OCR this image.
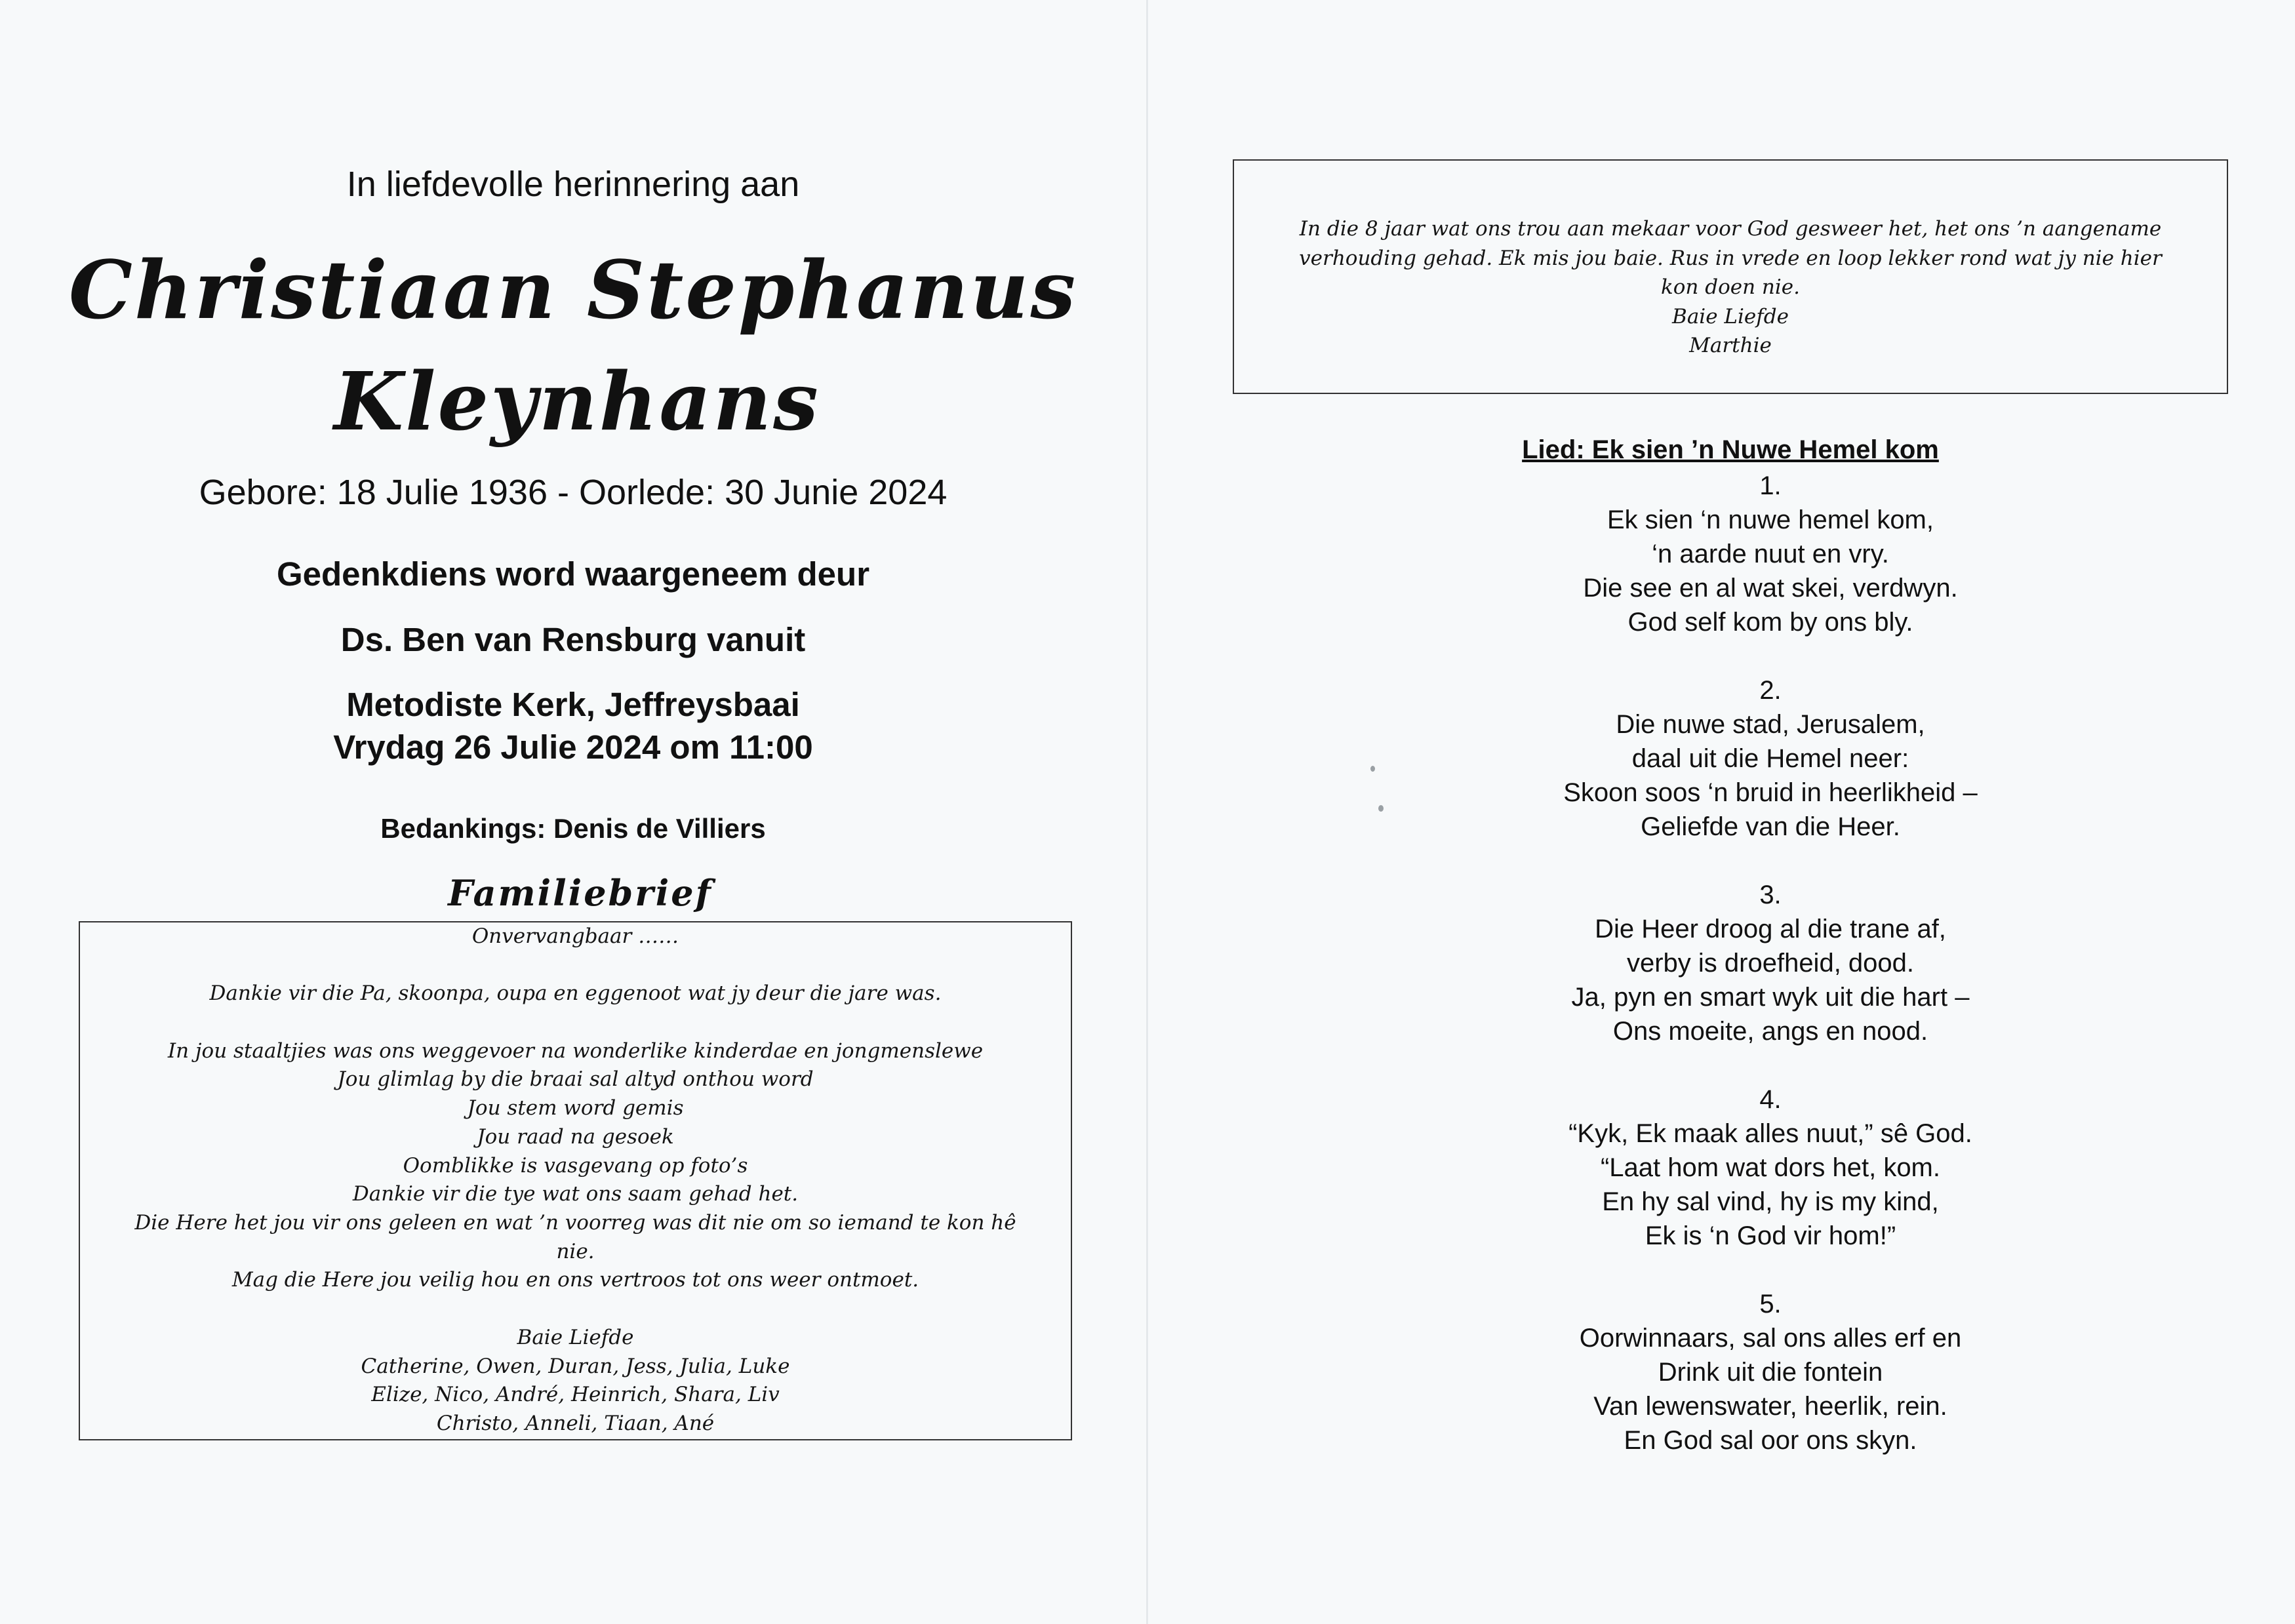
In liefdevolle herinnering aan
Christiaan Stephanus
Kleynhans
Gebore: 18 Julie 1936 - Oorlede: 30 Junie 2024
Gedenkdiens word waargeneem deur
Ds. Ben van Rensburg vanuit
Metodiste Kerk, Jeffreysbaai
Vrydag 26 Julie 2024 om 11:00
Bedankings: Denis de Villiers
Familiebrief
Onvervangbaar ……
Dankie vir die Pa, skoonpa, oupa en eggenoot wat jy deur die jare was.
In jou staaltjies was ons weggevoer na wonderlike kinderdae en jongmenslewe
Jou glimlag by die braai sal altyd onthou word
Jou stem word gemis
Jou raad na gesoek
Oomblikke is vasgevang op foto’s
Dankie vir die tye wat ons saam gehad het.
Die Here het jou vir ons geleen en wat ’n voorreg was dit nie om so iemand te kon hê
nie.
Mag die Here jou veilig hou en ons vertroos tot ons weer ontmoet.
Baie Liefde
Catherine, Owen, Duran, Jess, Julia, Luke
Elize, Nico, André, Heinrich, Shara, Liv
Christo, Anneli, Tiaan, Ané
In die 8 jaar wat ons trou aan mekaar voor God gesweer het, het ons ’n aangename
verhouding gehad. Ek mis jou baie. Rus in vrede en loop lekker rond wat jy nie hier
kon doen nie.
Baie Liefde
Marthie
Lied: Ek sien ’n Nuwe Hemel kom
1.
Ek sien ‘n nuwe hemel kom,
‘n aarde nuut en vry.
Die see en al wat skei, verdwyn.
God self kom by ons bly.
2.
Die nuwe stad, Jerusalem,
daal uit die Hemel neer:
Skoon soos ‘n bruid in heerlikheid –
Geliefde van die Heer.
3.
Die Heer droog al die trane af,
verby is droefheid, dood.
Ja, pyn en smart wyk uit die hart –
Ons moeite, angs en nood.
4.
“Kyk, Ek maak alles nuut,” sê God.
“Laat hom wat dors het, kom.
En hy sal vind, hy is my kind,
Ek is ‘n God vir hom!”
5.
Oorwinnaars, sal ons alles erf en
Drink uit die fontein
Van lewenswater, heerlik, rein.
En God sal oor ons skyn.
